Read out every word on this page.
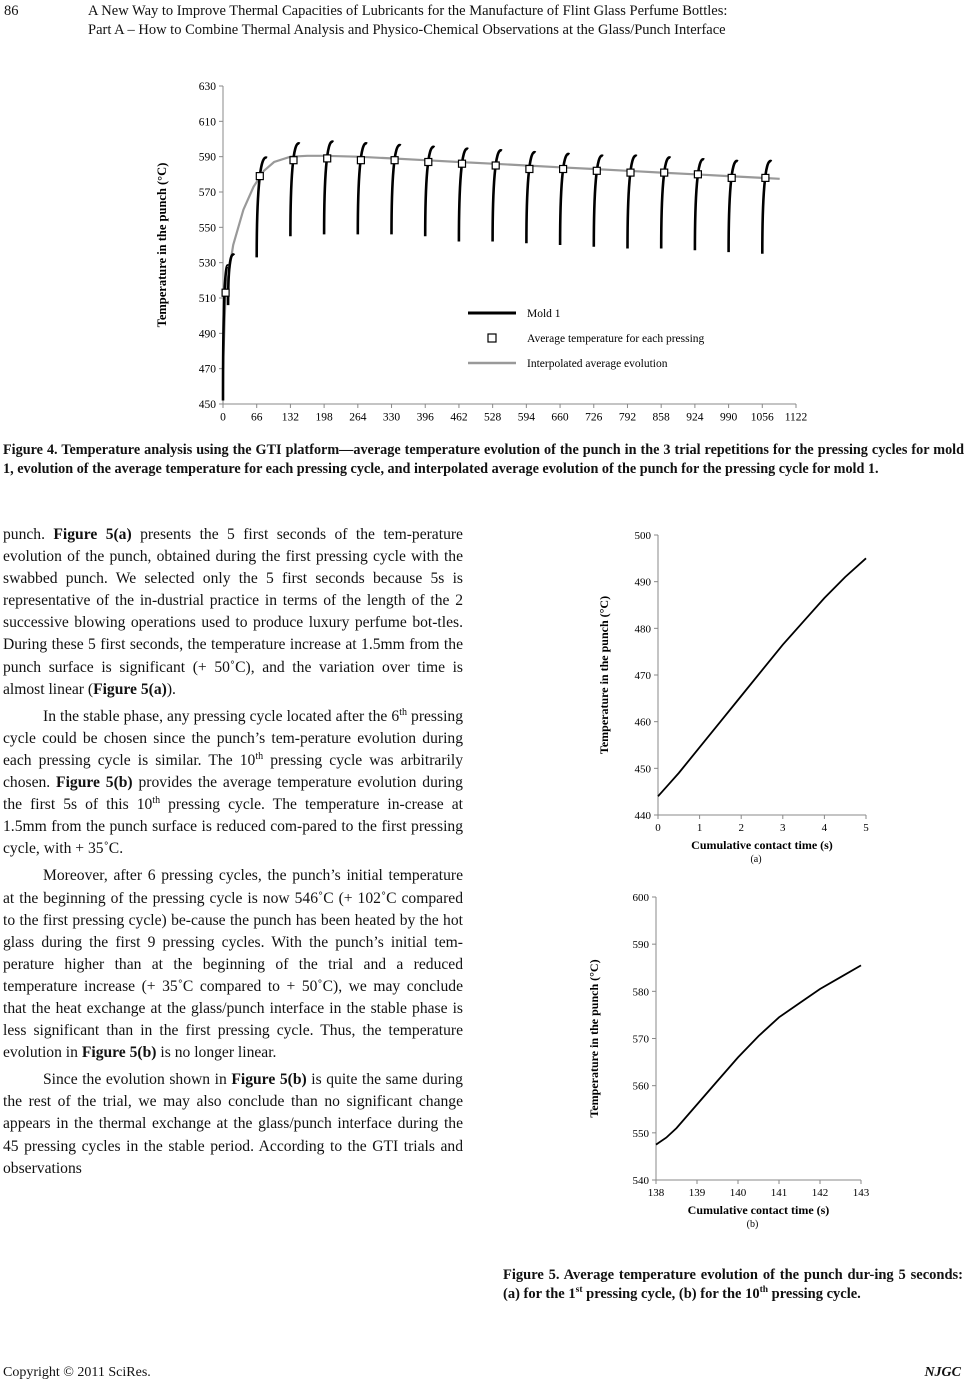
86	A New Way to Improve Thermal Capacities of Lubricants for the Manufacture of Flint Glass Perfume Bottles:
Part A – How to Combine Thermal Analysis and Physico-Chemical Observations at the Glass/Punch Interface
450
470
490
510
530
550
570
590
610
630
0 66 132 198 264 330 396 462 528 594 660 726 792 858 924 990 1056 1122
Temperature in the punch (°C)	Mold 1
Average temperature for each pressing
Interpolated average evolution
Figure 4. Temperature analysis using the GTI platform—average temperature evolution of the punch in the 3 trial repetitions for the pressing cycles for mold 1, evolution of the average temperature for each pressing cycle, and interpolated average evolution of the punch for the pressing cycle for mold 1.

punch. Figure 5(a) presents the 5 first seconds of the tem-perature evolution of the punch, obtained during the first pressing cycle with the swabbed punch. We selected only the 5 first seconds because 5s is representative of the in-dustrial practice in terms of the length of the 2 successive blowing operations used to produce luxury perfume bot-tles. During these 5 first seconds, the temperature increase at 1.5mm from the punch surface is significant (+ 50˚C), and the variation over time is almost linear (Figure 5(a)).

In the stable phase, any pressing cycle located after the 6th pressing cycle could be chosen since the punch’s tem-perature evolution during each pressing cycle is similar. The 10th pressing cycle was arbitrarily chosen. Figure 5(b) provides the average temperature evolution during the first 5s of this 10th pressing cycle. The temperature in-crease at 1.5mm from the punch surface is reduced com-pared to the first pressing cycle, with + 35˚C.

Moreover, after 6 pressing cycles, the punch’s initial temperature at the beginning of the pressing cycle is now 546˚C (+ 102˚C compared to the first pressing cycle) be-cause the punch has been heated by the hot glass during the first 9 pressing cycles. With the punch’s initial tem-perature higher than at the beginning of the trial and a reduced temperature increase (+ 35˚C compared to + 50˚C), we may conclude that the heat exchange at the glass/punch interface in the stable phase is less significant than in the first pressing cycle. Thus, the temperature evolution in Figure 5(b) is no longer linear.

Since the evolution shown in Figure 5(b) is quite the same during the rest of the trial, we may also conclude than no significant change appears in the thermal exchange at the glass/punch interface during the 45 pressing cycles in the stable period. According to the GTI trials and observations

440
450
460
470
480
490
500
0	1	2	3	4	5
Temperature in the punch (°C)
Cumulative contact time (s)
(a)
540
550
560
570
580
590
600
138 139 140 141 142 143
Temperature in the punch (°C)
Cumulative contact time (s)
(b)
Figure 5. Average temperature evolution of the punch dur-ing 5 seconds: (a) for the 1st pressing cycle, (b) for the 10th pressing cycle.
Copyright © 2011 SciRes.	NJGC
